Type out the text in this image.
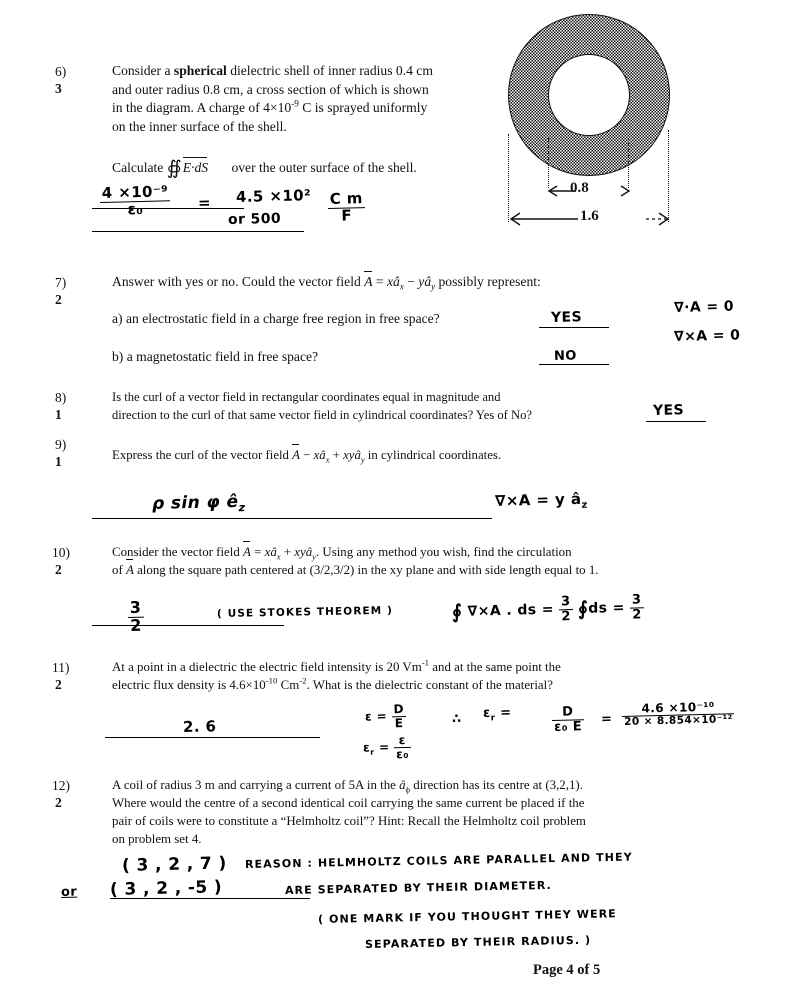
0.8
1.6
6)
3
Consider a spherical dielectric shell of inner radius 0.4 cm
and outer radius 0.8 cm, a cross section of which is shown
in the diagram. A charge of $4\times 10^{-9}$ C is sprayed uniformly
on the inner surface of the shell.
Calculate ∯E·dS over the outer surface of the shell.
$\frac{\text{4 ×10⁻⁹}}{\text{ε₀}} = 4.5 \times 10^2$
or 500	$\frac{\text{C m}}{F}$
7)
2
Answer with yes or no. Could the vector field $A = xâ_x$ − $yâ_y$ possibly represent:
a) an electrostatic field in a charge free region in free space?
b) a magnetostatic field in free space?
YES
NO
∇·A = 0
∇×A = 0
8)
1
Is the curl of a vector field in rectangular coordinates equal in magnitude and
direction to the curl of that same vector field in cylindrical coordinates? Yes of No?	YES
9)
1	Express the curl of the vector field $A - xâ_x$ + xyâ$_y$ in cylindrical coordinates.
ρ sin φ $ê_z$	∇×A = y $â_z$
10)
2
Consider the vector field $A = xâ_x$ + xyâ$_y$. Using any method you wish, find the circulation
of A along the square path centered at (3/2,3/2) in the xy plane and with side length equal to 1.
$\frac{3}{2}$	( USE STOKES THEOREM )	∮ ∇×A . ds = $\frac{3}{2}$ ∮ds = $\frac{3}{2}$
11)
2
At a point in a dielectric the electric field intensity is 20 $Vm^{-1}$ and at the same point the
electric flux density is $4.6\times 10^{-10}$ $Cm^{-2}$. What is the dielectric constant of the material?
2. 6
$\varepsilon = \frac{D}{E}$
$\varepsilon_r = \frac{\varepsilon}{\text{ε₀}}$
∴ $\varepsilon_r$ =	$\frac{D}{\text{ε₀ E}} = \frac{\text{4.6 ×10⁻¹⁰}}{\text{20 × 8.854×10⁻¹²}}$
12)
2
A coil of radius 3 m and carrying a current of 5A in the $â_\phi$ direction has its centre at (3,2,1).
Where would the centre of a second identical coil carrying the same current be placed if the
pair of coils were to constitute a “Helmholtz coil”? Hint: Recall the Helmholtz coil problem
on problem set 4.
( 3 , 2 , 7 )
or ( 3 , 2 , -5 )
REASON : HELMHOLTZ COILS ARE PARALLEL AND THEY
ARE SEPARATED BY THEIR DIAMETER.
( ONE MARK IF YOU THOUGHT THEY WERE
SEPARATED BY THEIR RADIUS. )
Page 4 of 5
